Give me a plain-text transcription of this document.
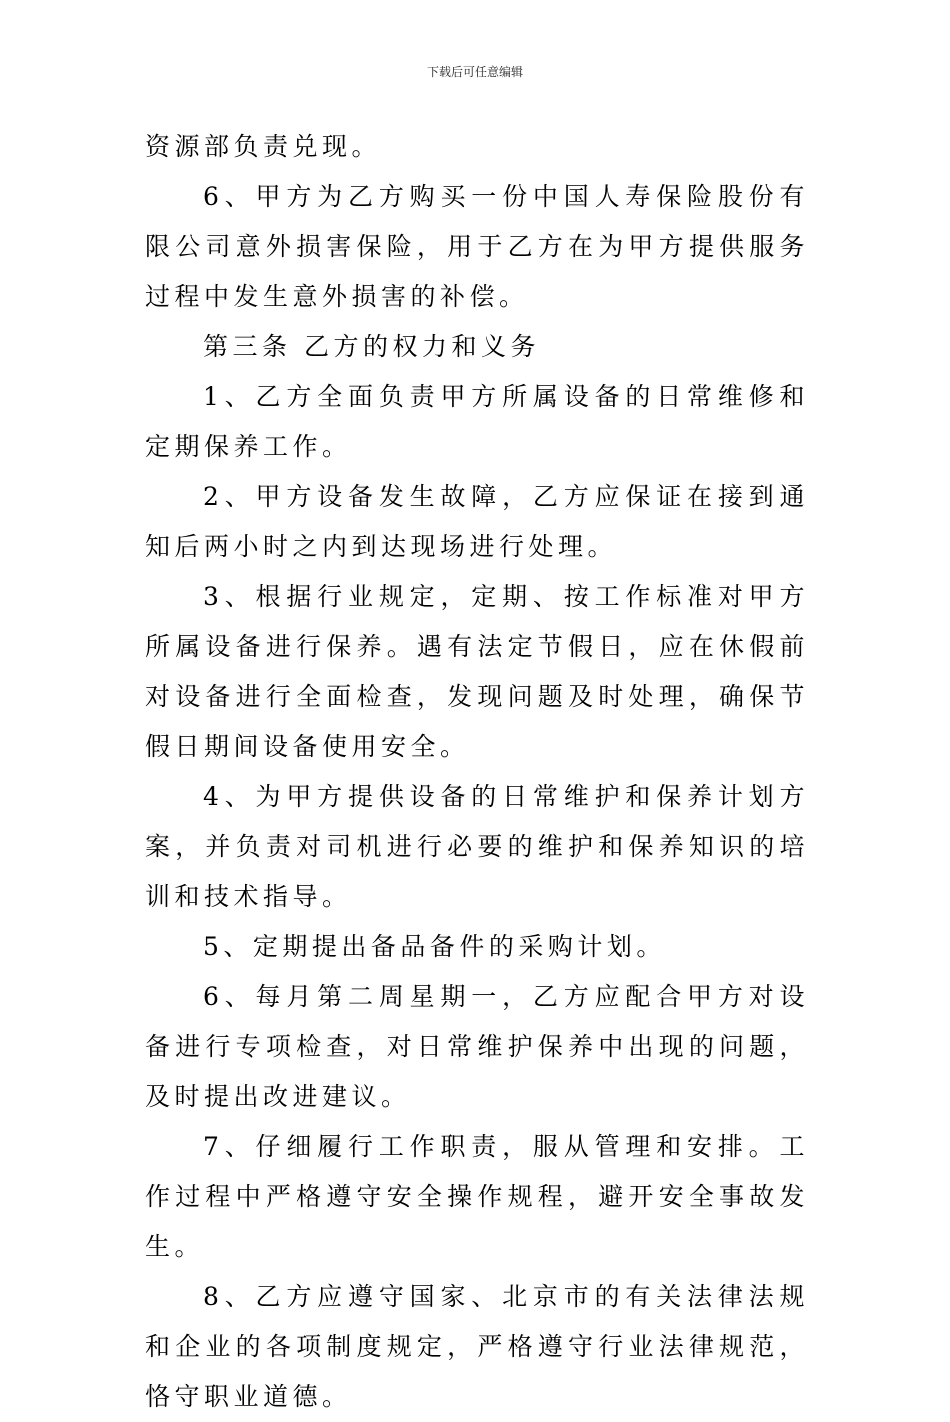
下载后可任意编辑

资源部负责兑现。

6、甲方为乙方购买一份中国人寿保险股份有限公司意外损害保险，用于乙方在为甲方提供服务过程中发生意外损害的补偿。

第三条 乙方的权力和义务

1、乙方全面负责甲方所属设备的日常维修和定期保养工作。

2、甲方设备发生故障，乙方应保证在接到通知后两小时之内到达现场进行处理。

3、根据行业规定，定期、按工作标准对甲方所属设备进行保养。遇有法定节假日，应在休假前对设备进行全面检查，发现问题及时处理，确保节假日期间设备使用安全。

4、为甲方提供设备的日常维护和保养计划方案，并负责对司机进行必要的维护和保养知识的培训和技术指导。

5、定期提出备品备件的采购计划。

6、每月第二周星期一，乙方应配合甲方对设备进行专项检查，对日常维护保养中出现的问题，及时提出改进建议。

7、仔细履行工作职责，服从管理和安排。工作过程中严格遵守安全操作规程，避开安全事故发生。

8、乙方应遵守国家、北京市的有关法律法规和企业的各项制度规定，严格遵守行业法律规范，恪守职业道德。
